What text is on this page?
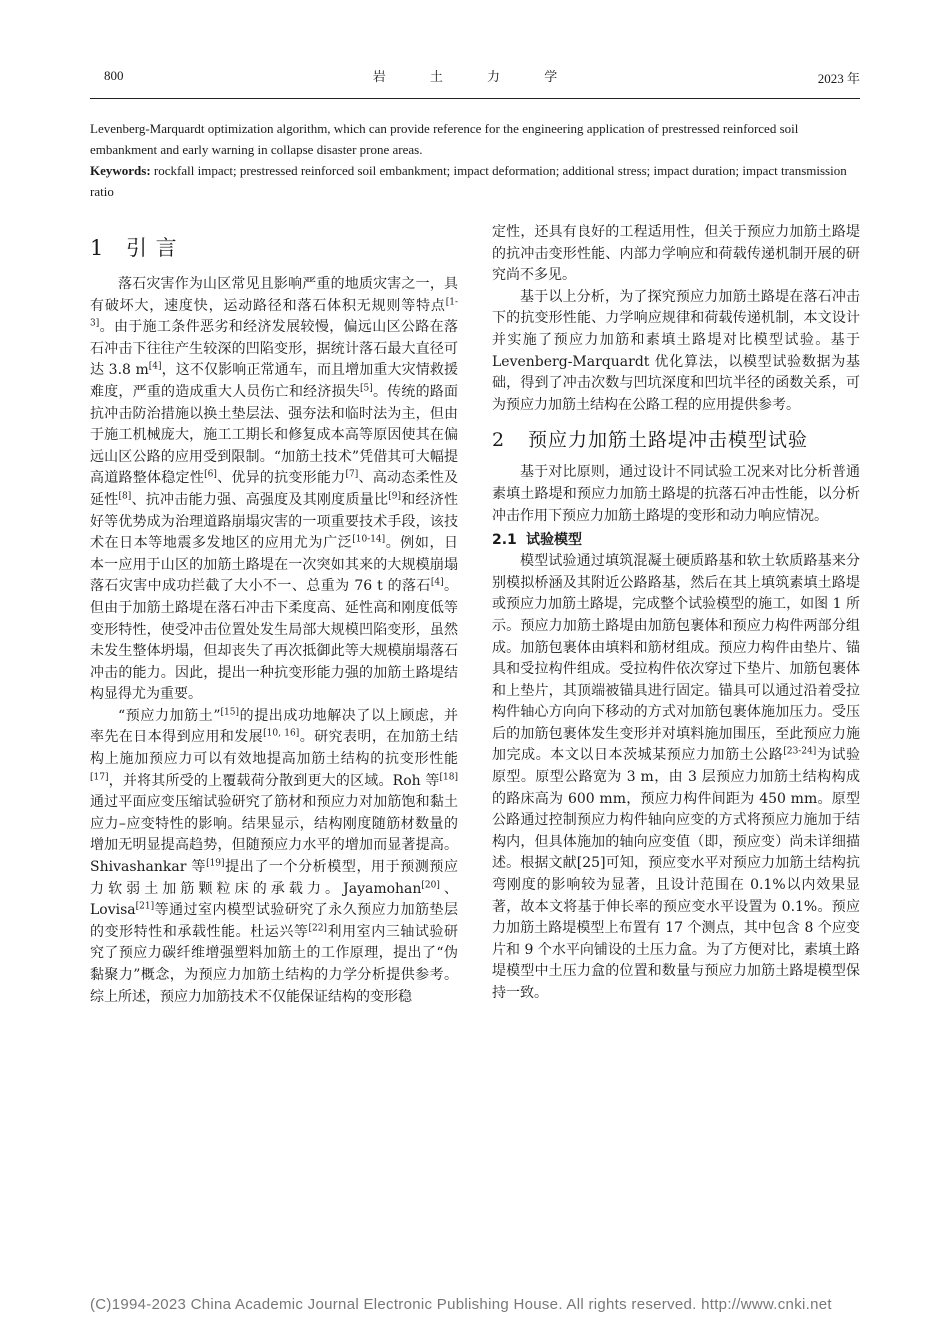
800	岩 土 力 学	2023 年

Levenberg-Marquardt optimization algorithm, which can provide reference for the engineering application of prestressed reinforced soil embankment and early warning in collapse disaster prone areas.

Keywords: rockfall impact; prestressed reinforced soil embankment; impact deformation; additional stress; impact duration; impact transmission ratio

1 引 言

落石灾害作为山区常见且影响严重的地质灾害之一，具有破坏大，速度快，运动路径和落石体积无规则等特点[1-3]。由于施工条件恶劣和经济发展较慢，偏远山区公路在落石冲击下往往产生较深的凹陷变形，据统计落石最大直径可达 3.8 m[4]，这不仅影响正常通车，而且增加重大灾情救援难度，严重的造成重大人员伤亡和经济损失[5]。传统的路面抗冲击防治措施以换土垫层法、强夯法和临时法为主，但由于施工机械庞大，施工工期长和修复成本高等原因使其在偏远山区公路的应用受到限制。“加筋土技术”凭借其可大幅提高道路整体稳定性[6]、优异的抗变形能力[7]、高动态柔性及延性[8]、抗冲击能力强、高强度及其刚度质量比[9]和经济性好等优势成为治理道路崩塌灾害的一项重要技术手段，该技术在日本等地震多发地区的应用尤为广泛[10-14]。例如，日本一应用于山区的加筋土路堤在一次突如其来的大规模崩塌落石灾害中成功拦截了大小不一、总重为 76 t 的落石[4]。但由于加筋土路堤在落石冲击下柔度高、延性高和刚度低等变形特性，使受冲击位置处发生局部大规模凹陷变形，虽然未发生整体坍塌，但却丧失了再次抵御此等大规模崩塌落石冲击的能力。因此，提出一种抗变形能力强的加筋土路堤结构显得尤为重要。

“预应力加筋土”[15]的提出成功地解决了以上顾虑，并率先在日本得到应用和发展[10, 16]。研究表明，在加筋土结构上施加预应力可以有效地提高加筋土结构的抗变形性能[17]，并将其所受的上覆载荷分散到更大的区域。Roh 等[18]通过平面应变压缩试验研究了筋材和预应力对加筋饱和黏土应力–应变特性的影响。结果显示，结构刚度随筋材数量的增加无明显提高趋势，但随预应力水平的增加而显著提高。Shivashankar 等[19]提出了一个分析模型，用于预测预应力软弱土加筋颗粒床的承载力。Jayamohan[20]、Lovisa[21]等通过室内模型试验研究了永久预应力加筋垫层的变形特性和承载性能。杜运兴等[22]利用室内三轴试验研究了预应力碳纤维增强塑料加筋土的工作原理，提出了“伪黏聚力”概念，为预应力加筋土结构的力学分析提供参考。综上所述，预应力加筋技术不仅能保证结构的变形稳

定性，还具有良好的工程适用性，但关于预应力加筋土路堤的抗冲击变形性能、内部力学响应和荷载传递机制开展的研究尚不多见。

基于以上分析，为了探究预应力加筋土路堤在落石冲击下的抗变形性能、力学响应规律和荷载传递机制，本文设计并实施了预应力加筋和素填土路堤对比模型试验。基于 Levenberg-Marquardt 优化算法，以模型试验数据为基础，得到了冲击次数与凹坑深度和凹坑半径的函数关系，可为预应力加筋土结构在公路工程的应用提供参考。

2 预应力加筋土路堤冲击模型试验

基于对比原则，通过设计不同试验工况来对比分析普通素填土路堤和预应力加筋土路堤的抗落石冲击性能，以分析冲击作用下预应力加筋土路堤的变形和动力响应情况。

2.1 试验模型

模型试验通过填筑混凝土硬质路基和软土软质路基来分别模拟桥涵及其附近公路路基，然后在其上填筑素填土路堤或预应力加筋土路堤，完成整个试验模型的施工，如图 1 所示。预应力加筋土路堤由加筋包裹体和预应力构件两部分组成。加筋包裹体由填料和筋材组成。预应力构件由垫片、锚具和受拉构件组成。受拉构件依次穿过下垫片、加筋包裹体和上垫片，其顶端被锚具进行固定。锚具可以通过沿着受拉构件轴心方向向下移动的方式对加筋包裹体施加压力。受压后的加筋包裹体发生变形并对填料施加围压，至此预应力施加完成。本文以日本茨城某预应力加筋土公路[23-24]为试验原型。原型公路宽为 3 m，由 3 层预应力加筋土结构构成的路床高为 600 mm，预应力构件间距为 450 mm。原型公路通过控制预应力构件轴向应变的方式将预应力施加于结构内，但具体施加的轴向应变值（即，预应变）尚未详细描述。根据文献[25]可知，预应变水平对预应力加筋土结构抗弯刚度的影响较为显著，且设计范围在 0.1%以内效果显著，故本文将基于伸长率的预应变水平设置为 0.1%。预应力加筋土路堤模型上布置有 17 个测点，其中包含 8 个应变片和 9 个水平向铺设的土压力盒。为了方便对比，素填土路堤模型中土压力盒的位置和数量与预应力加筋土路堤模型保持一致。

(C)1994-2023 China Academic Journal Electronic Publishing House. All rights reserved. http://www.cnki.net
